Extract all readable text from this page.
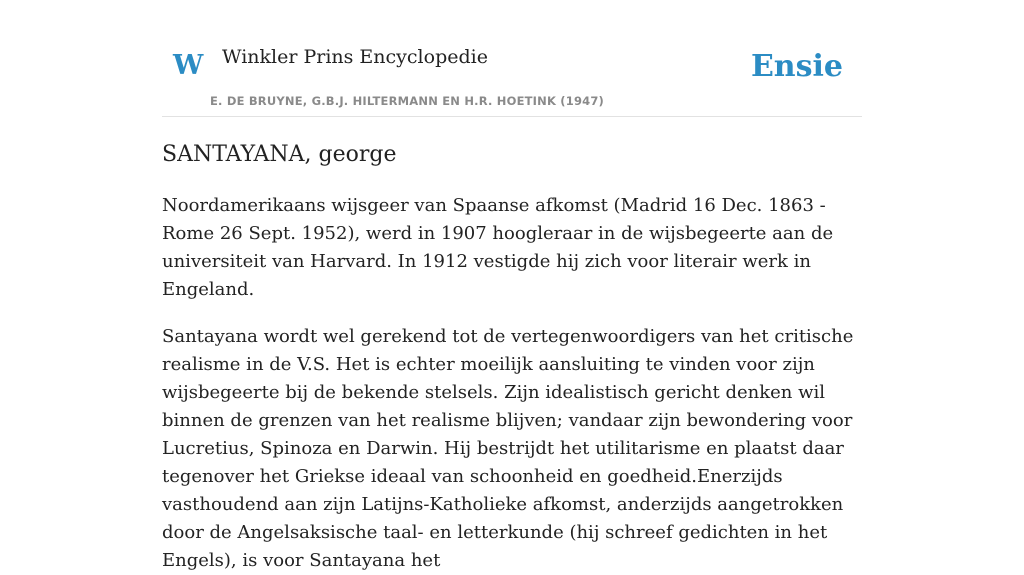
W Winkler Prins Encyclopedie
E. DE BRUYNE, G.B.J. HILTERMANN EN H.R. HOETINK (1947)
Ensie
SANTAYANA, george

Noordamerikaans wijsgeer van Spaanse afkomst (Madrid 16 Dec. 1863 - Rome 26 Sept. 1952), werd in 1907 hoogleraar in de wijsbegeerte aan de universiteit van Harvard. In 1912 vestigde hij zich voor literair werk in Engeland.

Santayana wordt wel gerekend tot de vertegenwoordigers van het critische realisme in de V.S. Het is echter moeilijk aansluiting te vinden voor zijn wijsbegeerte bij de bekende stelsels. Zijn idealistisch gericht denken wil binnen de grenzen van het realisme blijven; vandaar zijn bewondering voor Lucretius, Spinoza en Darwin. Hij bestrijdt het utilitarisme en plaatst daar tegenover het Griekse ideaal van schoonheid en goedheid.Enerzijds vasthoudend aan zijn Latijns-Katholieke afkomst, anderzijds aangetrokken door de Angelsaksische taal- en letterkunde (hij schreef gedichten in het Engels), is voor Santayana het
